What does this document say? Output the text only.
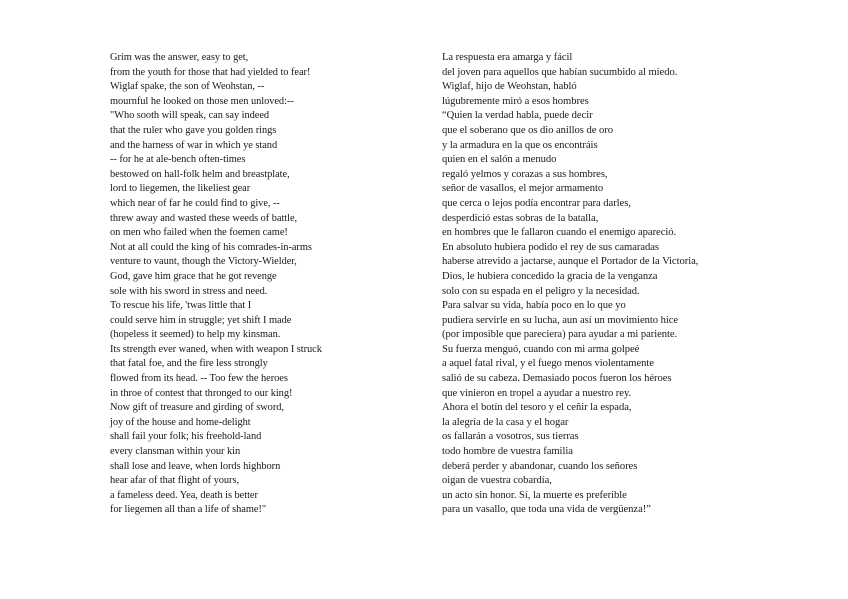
Grim was the answer, easy to get,
from the youth for those that had yielded to fear!
Wiglaf spake, the son of Weohstan, --
mournful he looked on those men unloved:--
"Who sooth will speak, can say indeed
that the ruler who gave you golden rings
and the harness of war in which ye stand
-- for he at ale-bench often-times
bestowed on hall-folk helm and breastplate,
lord to liegemen, the likeliest gear
which near of far he could find to give, --
threw away and wasted these weeds of battle,
on men who failed when the foemen came!
Not at all could the king of his comrades-in-arms
venture to vaunt, though the Victory-Wielder,
God, gave him grace that he got revenge
sole with his sword in stress and need.
To rescue his life, 'twas little that I
could serve him in struggle; yet shift I made
(hopeless it seemed) to help my kinsman.
Its strength ever waned, when with weapon I struck
that fatal foe, and the fire less strongly
flowed from its head. -- Too few the heroes
in throe of contest that thronged to our king!
Now gift of treasure and girding of sword,
joy of the house and home-delight
shall fail your folk; his freehold-land
every clansman within your kin
shall lose and leave, when lords highborn
hear afar of that flight of yours,
a fameless deed. Yea, death is better
for liegemen all than a life of shame!"
La respuesta era amarga y fácil
del joven para aquellos que habían sucumbido al miedo.
Wiglaf, hijo de Weohstan, habló
lúgubremente miró a esos hombres
“Quien la verdad habla, puede decir
que el soberano que os dio anillos de oro
y la armadura en la que os encontráis
quien en el salón a menudo
regaló yelmos y corazas a sus hombres,
señor de vasallos, el mejor armamento
que cerca o lejos podía encontrar para darles,
desperdició estas sobras de la batalla,
en hombres que le fallaron cuando el enemigo apareció.
En absoluto hubiera podido el rey de sus camaradas
haberse atrevido a jactarse, aunque el Portador de la Victoria,
Dios, le hubiera concedido la gracia de la venganza
solo con su espada en el peligro y la necesidad.
Para salvar su vida, había poco en lo que yo
pudiera servirle en su lucha, aun así un movimiento hice
(por imposible que pareciera) para ayudar a mi pariente.
Su fuerza menguó, cuando con mi arma golpeé
a aquel fatal rival, y el fuego menos violentamente
salió de su cabeza. Demasiado pocos fueron los héroes
que vinieron en tropel a ayudar a nuestro rey.
Ahora el botín del tesoro y el ceñir la espada,
la alegría de la casa y el hogar
os fallarán a vosotros, sus tierras
todo hombre de vuestra familia
deberá perder y abandonar, cuando los señores
oigan de vuestra cobardía,
un acto sin honor. Sí, la muerte es preferible
para un vasallo, que toda una vida de vergüenza!”
